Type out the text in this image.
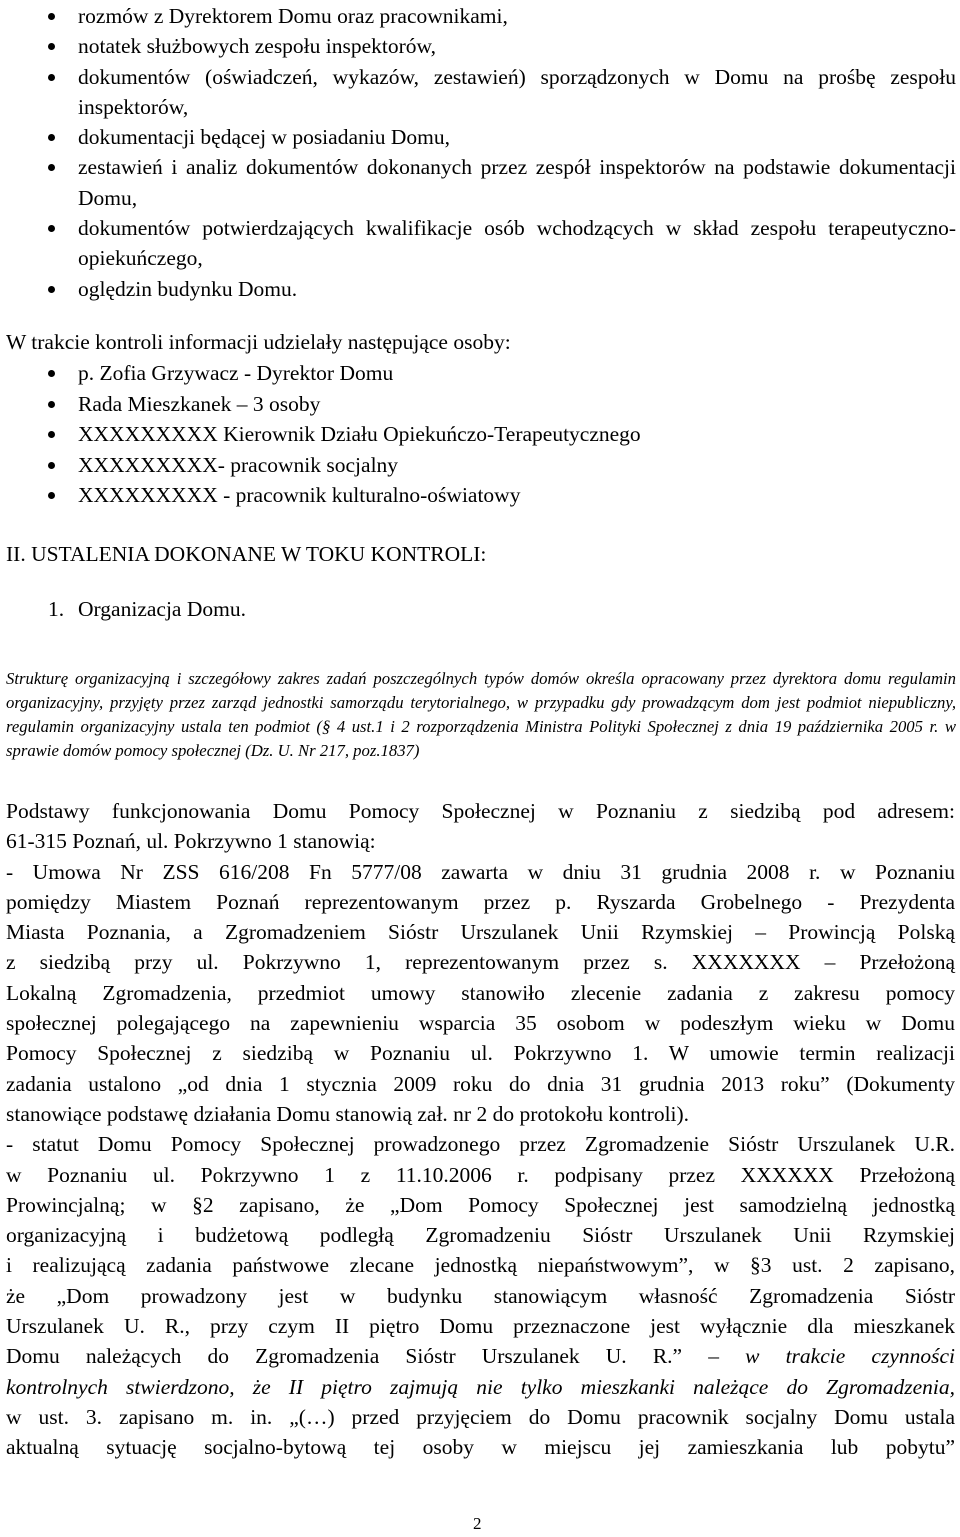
rozmów z Dyrektorem Domu oraz pracownikami,
notatek służbowych zespołu inspektorów,
dokumentów (oświadczeń, wykazów, zestawień) sporządzonych w Domu na prośbę zespołu inspektorów,
dokumentacji będącej w posiadaniu Domu,
zestawień i analiz dokumentów dokonanych przez zespół inspektorów na podstawie dokumentacji Domu,
dokumentów potwierdzających kwalifikacje osób wchodzących w skład zespołu terapeutyczno-opiekuńczego,
oględzin budynku Domu.
W trakcie kontroli informacji udzielały następujące osoby:
p. Zofia Grzywacz - Dyrektor Domu
Rada Mieszkanek – 3 osoby
XXXXXXXXX Kierownik Działu Opiekuńczo-Terapeutycznego
XXXXXXXXX- pracownik socjalny
XXXXXXXXX - pracownik kulturalno-oświatowy
II. USTALENIA DOKONANE W TOKU KONTROLI:
1. Organizacja Domu.

Strukturę organizacyjną i szczegółowy zakres zadań poszczególnych typów domów określa opracowany przez dyrektora domu regulamin organizacyjny, przyjęty przez zarząd jednostki samorządu terytorialnego, w przypadku gdy prowadzącym dom jest podmiot niepubliczny, regulamin organizacyjny ustala ten podmiot (§ 4 ust.1 i 2 rozporządzenia Ministra Polityki Społecznej z dnia 19 października 2005 r. w sprawie domów pomocy społecznej (Dz. U. Nr 217, poz.1837)

Podstawy funkcjonowania Domu Pomocy Społecznej w Poznaniu z siedzibą pod adresem:
61-315 Poznań, ul. Pokrzywno 1 stanowią:
- Umowa Nr ZSS 616/208 Fn 5777/08 zawarta w dniu 31 grudnia 2008 r. w Poznaniu
pomiędzy Miastem Poznań reprezentowanym przez p. Ryszarda Grobelnego - Prezydenta
Miasta Poznania, a Zgromadzeniem Sióstr Urszulanek Unii Rzymskiej – Prowincją Polską
z siedzibą przy ul. Pokrzywno 1, reprezentowanym przez s. XXXXXXX – Przełożoną
Lokalną Zgromadzenia, przedmiot umowy stanowiło zlecenie zadania z zakresu pomocy
społecznej polegającego na zapewnieniu wsparcia 35 osobom w podeszłym wieku w Domu
Pomocy Społecznej z siedzibą w Poznaniu ul. Pokrzywno 1. W umowie termin realizacji
zadania ustalono „od dnia 1 stycznia 2009 roku do dnia 31 grudnia 2013 roku” (Dokumenty
stanowiące podstawę działania Domu stanowią zał. nr 2 do protokołu kontroli).
- statut Domu Pomocy Społecznej prowadzonego przez Zgromadzenie Sióstr Urszulanek U.R.
w Poznaniu ul. Pokrzywno 1 z 11.10.2006 r. podpisany przez XXXXXX Przełożoną
Prowincjalną; w §2 zapisano, że „Dom Pomocy Społecznej jest samodzielną jednostką
organizacyjną i budżetową podległą Zgromadzeniu Sióstr Urszulanek Unii Rzymskiej
i realizującą zadania państwowe zlecane jednostką niepaństwowym”, w §3 ust. 2 zapisano,
że „Dom prowadzony jest w budynku stanowiącym własność Zgromadzenia Sióstr
Urszulanek U. R., przy czym II piętro Domu przeznaczone jest wyłącznie dla mieszkanek
Domu należących do Zgromadzenia Sióstr Urszulanek U. R.” – w trakcie czynności
kontrolnych stwierdzono, że II piętro zajmują nie tylko mieszkanki należące do Zgromadzenia,
w ust. 3. zapisano m. in. „(…) przed przyjęciem do Domu pracownik socjalny Domu ustala
aktualną sytuację socjalno-bytową tej osoby w miejscu jej zamieszkania lub pobytu”
2
